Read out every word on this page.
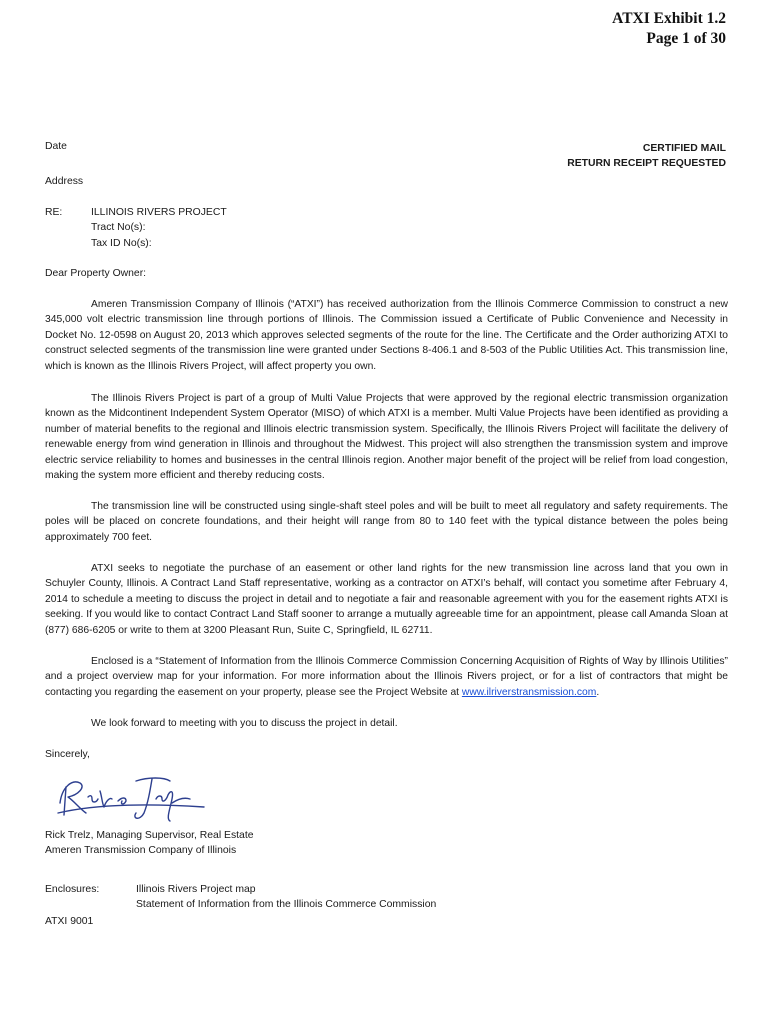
ATXI Exhibit 1.2
Page 1 of 30
Date	CERTIFIED MAIL
RETURN RECEIPT REQUESTED
Address
RE:	ILLINOIS RIVERS PROJECT
Tract No(s):
Tax ID No(s):
Dear Property Owner:

Ameren Transmission Company of Illinois (“ATXI”) has received authorization from the Illinois Commerce Commission to construct a new 345,000 volt electric transmission line through portions of Illinois. The Commission issued a Certificate of Public Convenience and Necessity in Docket No. 12-0598 on August 20, 2013 which approves selected segments of the route for the line. The Certificate and the Order authorizing ATXI to construct selected segments of the transmission line were granted under Sections 8-406.1 and 8-503 of the Public Utilities Act. This transmission line, which is known as the Illinois Rivers Project, will affect property you own.

The Illinois Rivers Project is part of a group of Multi Value Projects that were approved by the regional electric transmission organization known as the Midcontinent Independent System Operator (MISO) of which ATXI is a member. Multi Value Projects have been identified as providing a number of material benefits to the regional and Illinois electric transmission system. Specifically, the Illinois Rivers Project will facilitate the delivery of renewable energy from wind generation in Illinois and throughout the Midwest. This project will also strengthen the transmission system and improve electric service reliability to homes and businesses in the central Illinois region. Another major benefit of the project will be relief from load congestion, making the system more efficient and thereby reducing costs.

The transmission line will be constructed using single-shaft steel poles and will be built to meet all regulatory and safety requirements. The poles will be placed on concrete foundations, and their height will range from 80 to 140 feet with the typical distance between the poles being approximately 700 feet.

ATXI seeks to negotiate the purchase of an easement or other land rights for the new transmission line across land that you own in Schuyler County, Illinois. A Contract Land Staff representative, working as a contractor on ATXI’s behalf, will contact you sometime after February 4, 2014 to schedule a meeting to discuss the project in detail and to negotiate a fair and reasonable agreement with you for the easement rights ATXI is seeking. If you would like to contact Contract Land Staff sooner to arrange a mutually agreeable time for an appointment, please call Amanda Sloan at (877) 686-6205 or write to them at 3200 Pleasant Run, Suite C, Springfield, IL 62711.

Enclosed is a “Statement of Information from the Illinois Commerce Commission Concerning Acquisition of Rights of Way by Illinois Utilities” and a project overview map for your information. For more information about the Illinois Rivers project, or for a list of contractors that might be contacting you regarding the easement on your property, please see the Project Website at www.ilriverstransmission.com.

We look forward to meeting with you to discuss the project in detail.

Sincerely,
Rick Trelz, Managing Supervisor, Real Estate
Ameren Transmission Company of Illinois
Enclosures:	Illinois Rivers Project map
Statement of Information from the Illinois Commerce Commission
ATXI 9001
